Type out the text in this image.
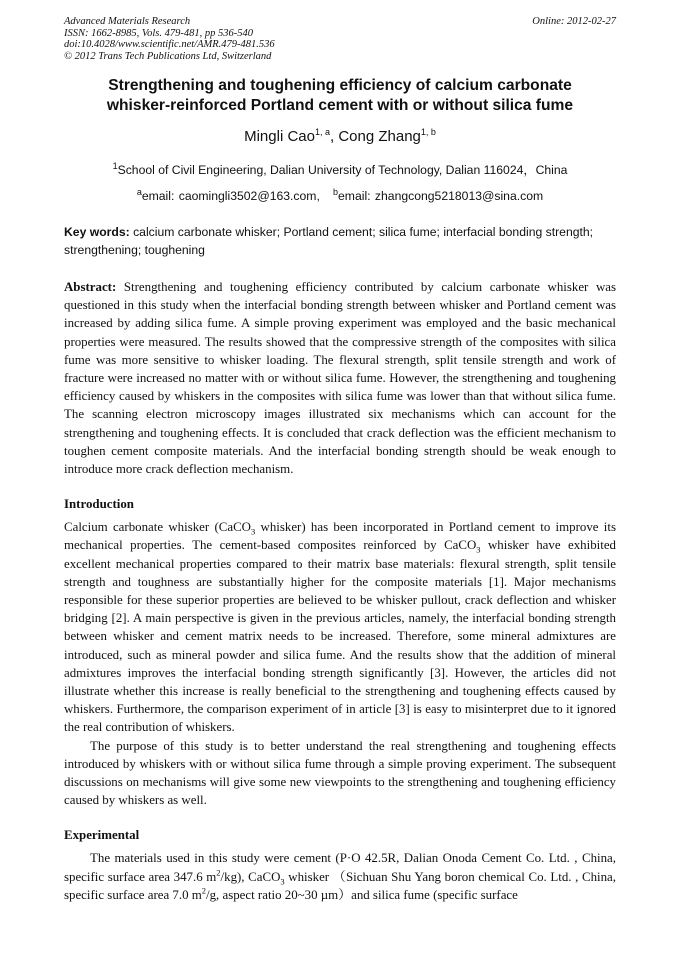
Advanced Materials Research
ISSN: 1662-8985, Vols. 479-481, pp 536-540
doi:10.4028/www.scientific.net/AMR.479-481.536
© 2012 Trans Tech Publications Ltd, Switzerland
Online: 2012-02-27
Strengthening and toughening efficiency of calcium carbonate
whisker-reinforced Portland cement with or without silica fume
Mingli Cao$^{1, a}$, Cong Zhang$^{1, b}$
$^1$School of Civil Engineering, Dalian University of Technology, Dalian 116024，China
$^a$email: caomingli3502@163.com, $^b$email: zhangcong5218013@sina.com
Key words: calcium carbonate whisker; Portland cement; silica fume; interfacial bonding strength; strengthening; toughening
Abstract: Strengthening and toughening efficiency contributed by calcium carbonate whisker was questioned in this study when the interfacial bonding strength between whisker and Portland cement was increased by adding silica fume. A simple proving experiment was employed and the basic mechanical properties were measured. The results showed that the compressive strength of the composites with silica fume was more sensitive to whisker loading. The flexural strength, split tensile strength and work of fracture were increased no matter with or without silica fume. However, the strengthening and toughening efficiency caused by whiskers in the composites with silica fume was lower than that without silica fume. The scanning electron microscopy images illustrated six mechanisms which can account for the strengthening and toughening effects. It is concluded that crack deflection was the efficient mechanism to toughen cement composite materials. And the interfacial bonding strength should be weak enough to introduce more crack deflection mechanism.
Introduction
Calcium carbonate whisker (CaCO$_3$ whisker) has been incorporated in Portland cement to improve its mechanical properties. The cement-based composites reinforced by CaCO$_3$ whisker have exhibited excellent mechanical properties compared to their matrix base materials: flexural strength, split tensile strength and toughness are substantially higher for the composite materials [1]. Major mechanisms responsible for these superior properties are believed to be whisker pullout, crack deflection and whisker bridging [2]. A main perspective is given in the previous articles, namely, the interfacial bonding strength between whisker and cement matrix needs to be increased. Therefore, some mineral admixtures are introduced, such as mineral powder and silica fume. And the results show that the addition of mineral admixtures improves the interfacial bonding strength significantly [3]. However, the articles did not illustrate whether this increase is really beneficial to the strengthening and toughening effects caused by whiskers. Furthermore, the comparison experiment of in article [3] is easy to misinterpret due to it ignored the real contribution of whiskers.
The purpose of this study is to better understand the real strengthening and toughening effects introduced by whiskers with or without silica fume through a simple proving experiment. The subsequent discussions on mechanisms will give some new viewpoints to the strengthening and toughening efficiency caused by whiskers as well.
Experimental
The materials used in this study were cement (P·O 42.5R, Dalian Onoda Cement Co. Ltd. , China, specific surface area 347.6 $m^2/kg$), CaCO$_3$ whisker （Sichuan Shu Yang boron chemical Co. Ltd. , China, specific surface area 7.0 $m^2/g$, aspect ratio 20~30 µm）and silica fume (specific surface
